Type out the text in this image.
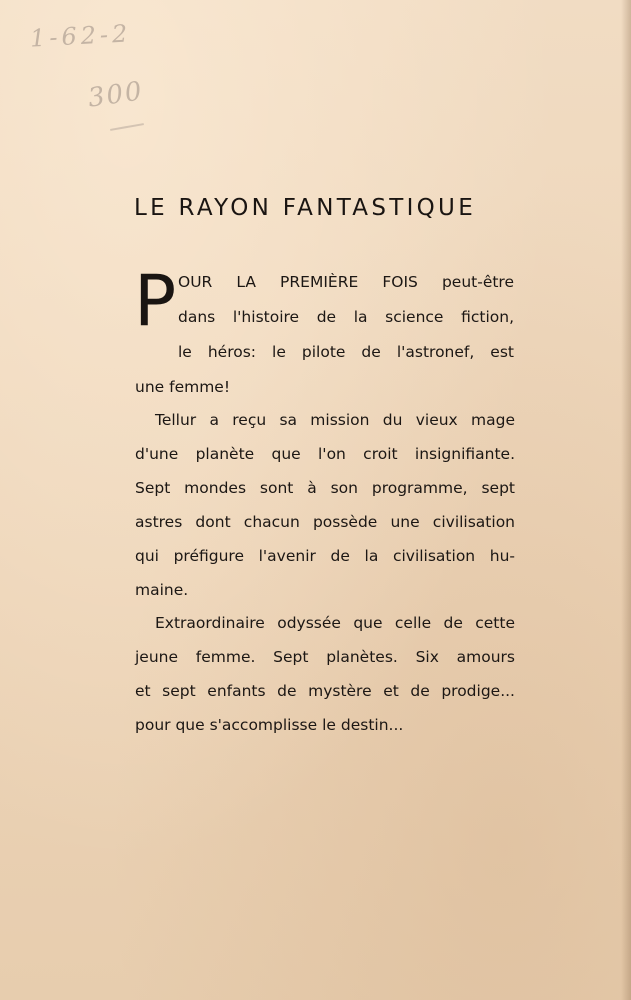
1-62-2
300
LE RAYON FANTASTIQUE
P OUR LA PREMIÈRE FOIS peut-être
dans l'histoire de la science fiction,
le héros: le pilote de l'astronef, est
une femme!
Tellur a reçu sa mission du vieux mage
d'une planète que l'on croit insignifiante.
Sept mondes sont à son programme, sept
astres dont chacun possède une civilisation
qui préfigure l'avenir de la civilisation hu-
maine.
Extraordinaire odyssée que celle de cette
jeune femme. Sept planètes. Six amours
et sept enfants de mystère et de prodige...
pour que s'accomplisse le destin...
